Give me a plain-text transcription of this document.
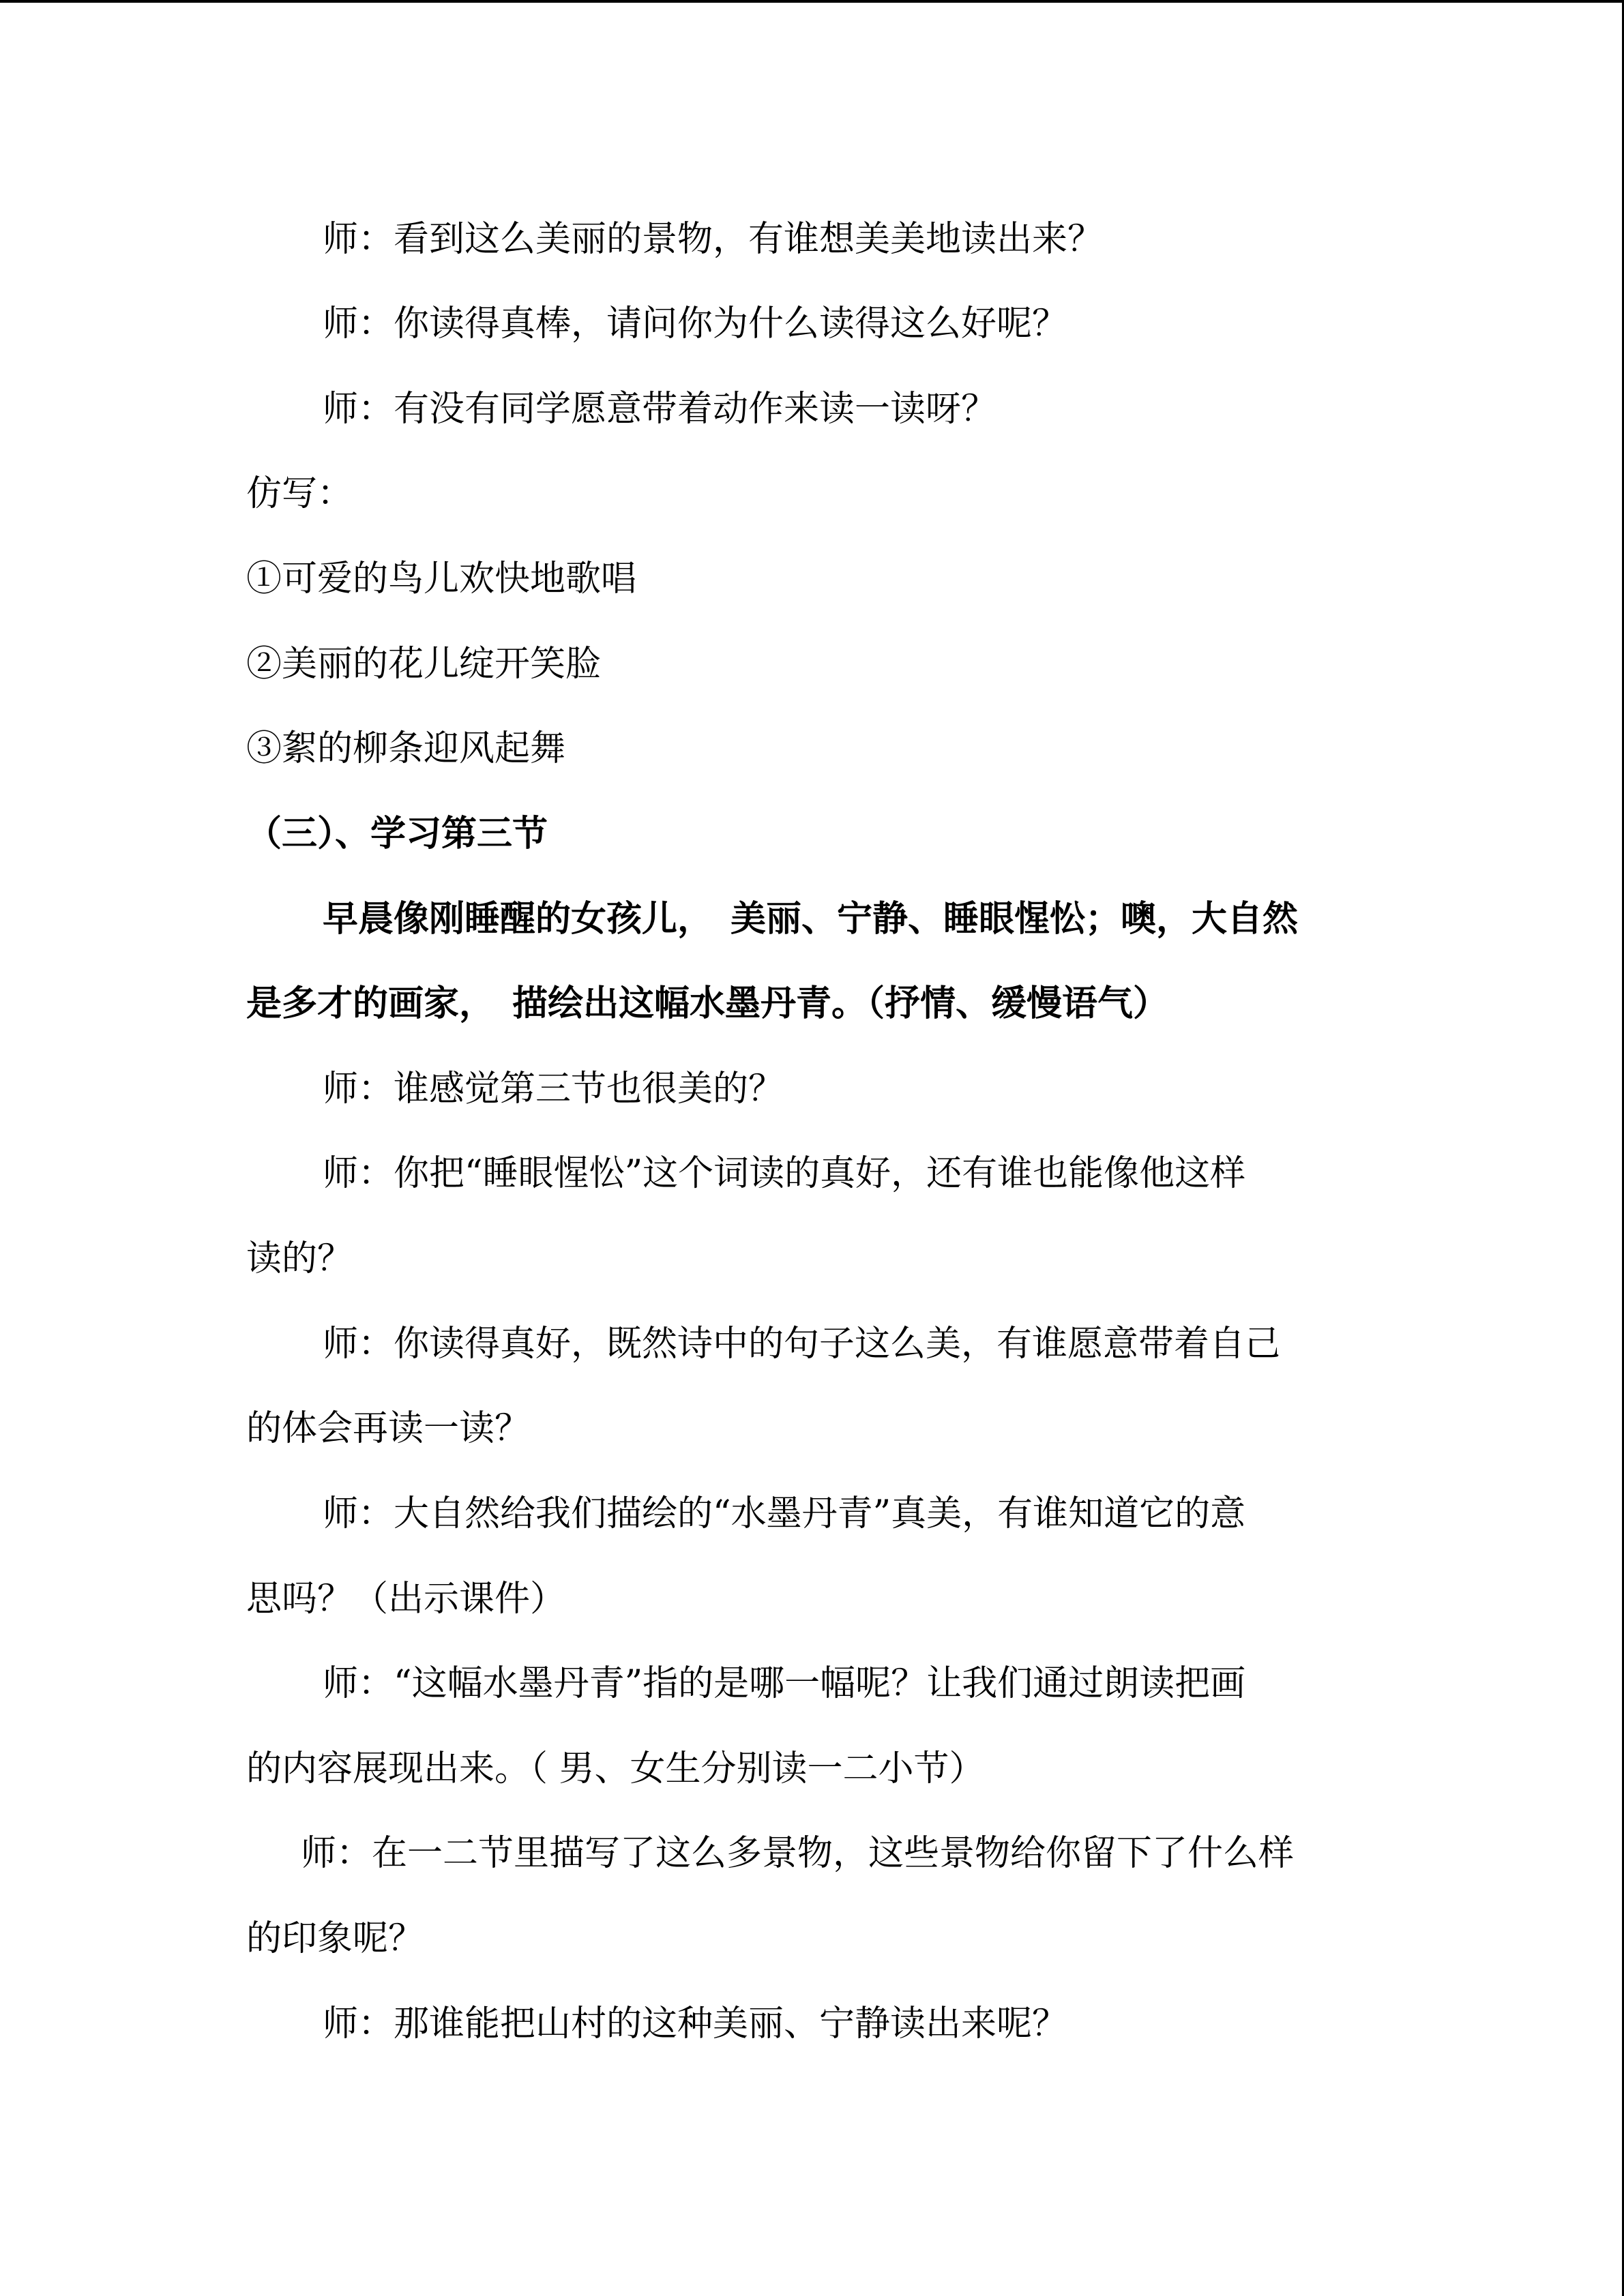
师：看到这么美丽的景物，有谁想美美地读出来？
师：你读得真棒，请问你为什么读得这么好呢？
师：有没有同学愿意带着动作来读一读呀？
仿写：
①可爱的鸟儿欢快地歌唱
②美丽的花儿绽开笑脸
③絮的柳条迎风起舞
（三）、学习第三节
早晨像刚睡醒的女孩儿，　美丽、宁静、睡眼惺忪；噢，大自然
是多才的画家，　描绘出这幅水墨丹青。（抒情、缓慢语气）
师：谁感觉第三节也很美的？
师：你把“睡眼惺忪”这个词读的真好，还有谁也能像他这样
读的？
师：你读得真好，既然诗中的句子这么美，有谁愿意带着自己
的体会再读一读？
师：大自然给我们描绘的“水墨丹青”真美，有谁知道它的意
思吗？（出示课件）
师：“这幅水墨丹青”指的是哪一幅呢？让我们通过朗读把画
的内容展现出来。（ 男、女生分别读一二小节）
师：在一二节里描写了这么多景物，这些景物给你留下了什么样
的印象呢？
师：那谁能把山村的这种美丽、宁静读出来呢？
